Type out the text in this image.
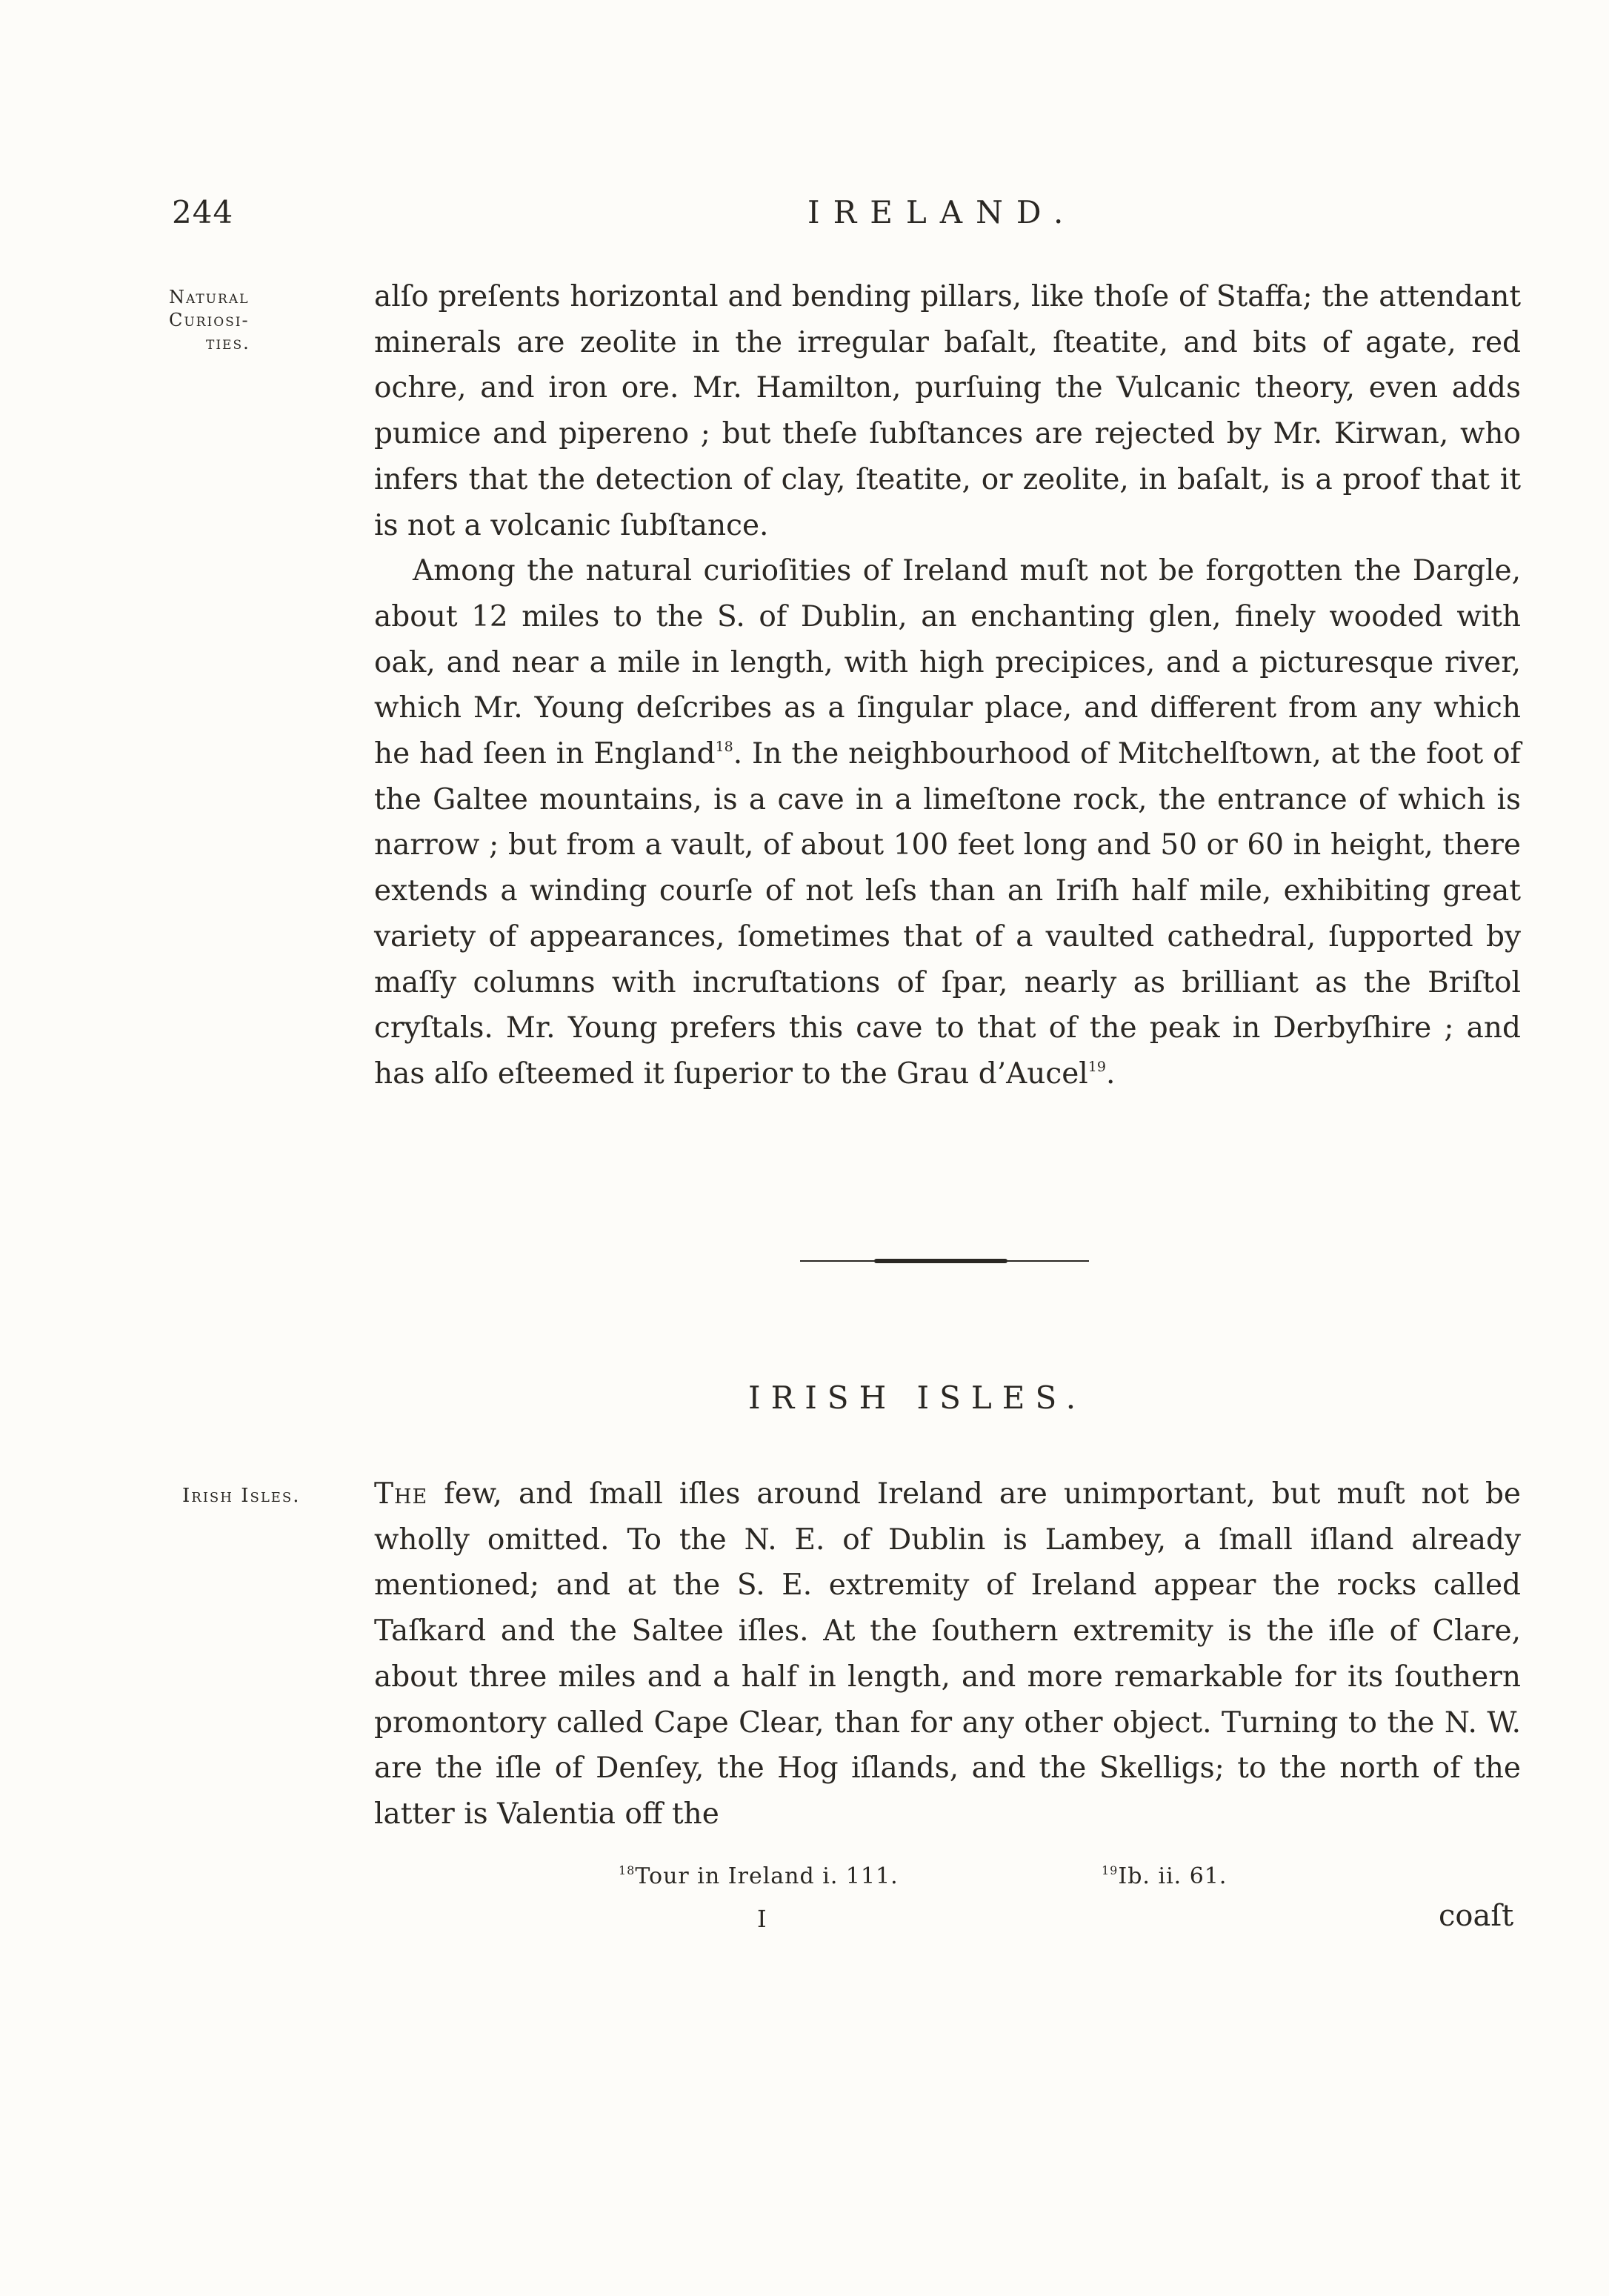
244	IRELAND.
Natural
Curiosi-
ties.

alſo preſents horizontal and bending pillars, like thoſe of Staffa; the attendant minerals are zeolite in the irregular baſalt, ſteatite, and bits of agate, red ochre, and iron ore. Mr. Hamilton, purſuing the Vulcanic theory, even adds pumice and pipereno ; but theſe ſubſtances are rejected by Mr. Kirwan, who infers that the detection of clay, ſteatite, or zeolite, in baſalt, is a proof that it is not a volcanic ſubſtance.

Among the natural curioſities of Ireland muſt not be forgotten the Dargle, about 12 miles to the S. of Dublin, an enchanting glen, finely wooded with oak, and near a mile in length, with high precipices, and a picturesque river, which Mr. Young deſcribes as a ſingular place, and different from any which he had ſeen in England$^{18}$. In the neighbourhood of Mitchelſtown, at the foot of the Galtee mountains, is a cave in a limeſtone rock, the entrance of which is narrow ; but from a vault, of about 100 feet long and 50 or 60 in height, there extends a winding courſe of not leſs than an Iriſh half mile, exhibiting great variety of appearances, ſometimes that of a vaulted cathedral, ſupported by maſſy columns with incruſtations of ſpar, nearly as brilliant as the Briſtol cryſtals. Mr. Young prefers this cave to that of the peak in Derbyſhire ; and has alſo eſteemed it ſuperior to the Grau d’Aucel$^{19}$.

IRISH ISLES.
Irish Isles.	The few, and ſmall iſles around Ireland are unimportant, but muſt not be wholly omitted. To the N. E. of Dublin is Lambey, a ſmall iſland already mentioned; and at the S. E. extremity of Ireland appear the rocks called Taſkard and the Saltee iſles. At the ſouthern extremity is the iſle of Clare, about three miles and a half in length, and more remarkable for its ſouthern promontory called Cape Clear, than for any other object. Turning to the N. W. are the iſle of Denſey, the Hog iſlands, and the Skelligs; to the north of the latter is Valentia off the

$^{18}$Tour in Ireland i. 111.	$^{19}$Ib. ii. 61.
I	coaſt
